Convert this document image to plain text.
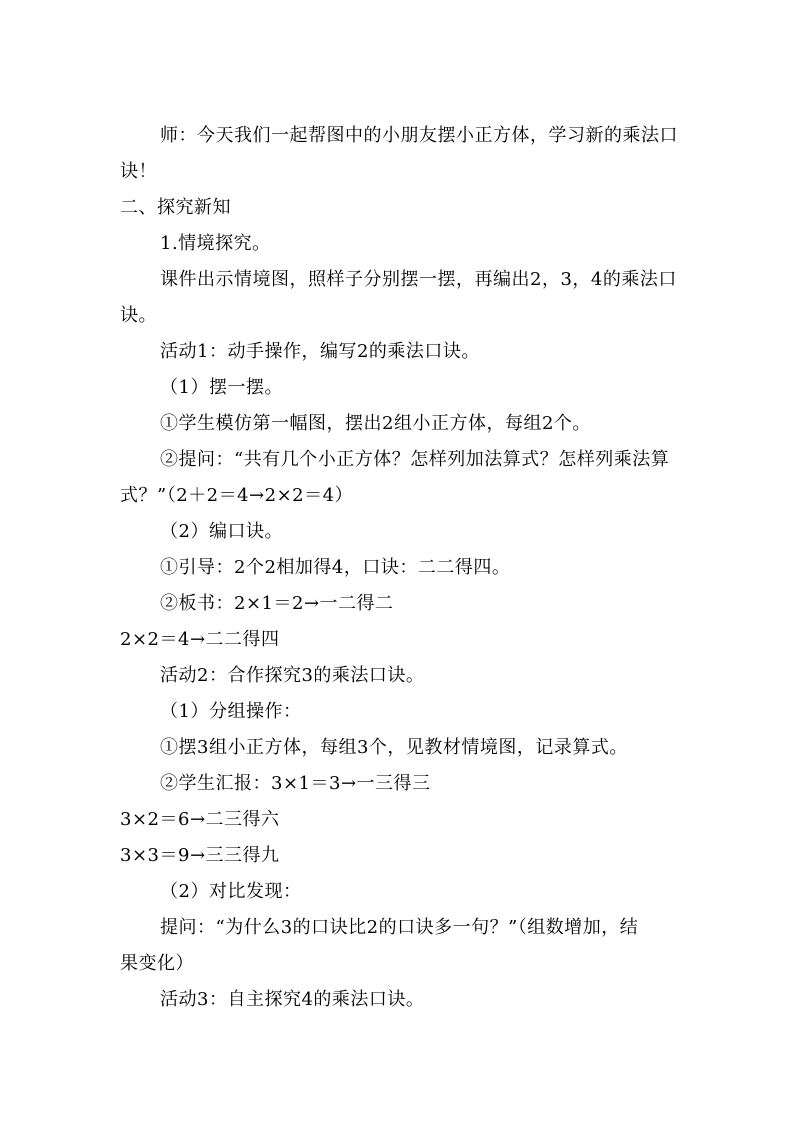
师：今天我们一起帮图中的小朋友摆小正方体，学习新的乘法口
诀！
二、探究新知
1.情境探究。
课件出示情境图，照样子分别摆一摆，再编出2，3，4的乘法口
诀。
活动1：动手操作，编写2的乘法口诀。
（1）摆一摆。
①学生模仿第一幅图，摆出2组小正方体，每组2个。
②提问：“共有几个小正方体？怎样列加法算式？怎样列乘法算
式？”（2＋2＝4→2×2＝4）
（2）编口诀。
①引导：2个2相加得4，口诀：二二得四。
②板书：2×1＝2→一二得二
2×2＝4→二二得四
活动2：合作探究3的乘法口诀。
（1）分组操作：
①摆3组小正方体，每组3个，见教材情境图，记录算式。
②学生汇报：3×1＝3→一三得三
3×2＝6→二三得六
3×3＝9→三三得九
（2）对比发现：
提问：“为什么3的口诀比2的口诀多一句？”（组数增加，结
果变化）
活动3：自主探究4的乘法口诀。
